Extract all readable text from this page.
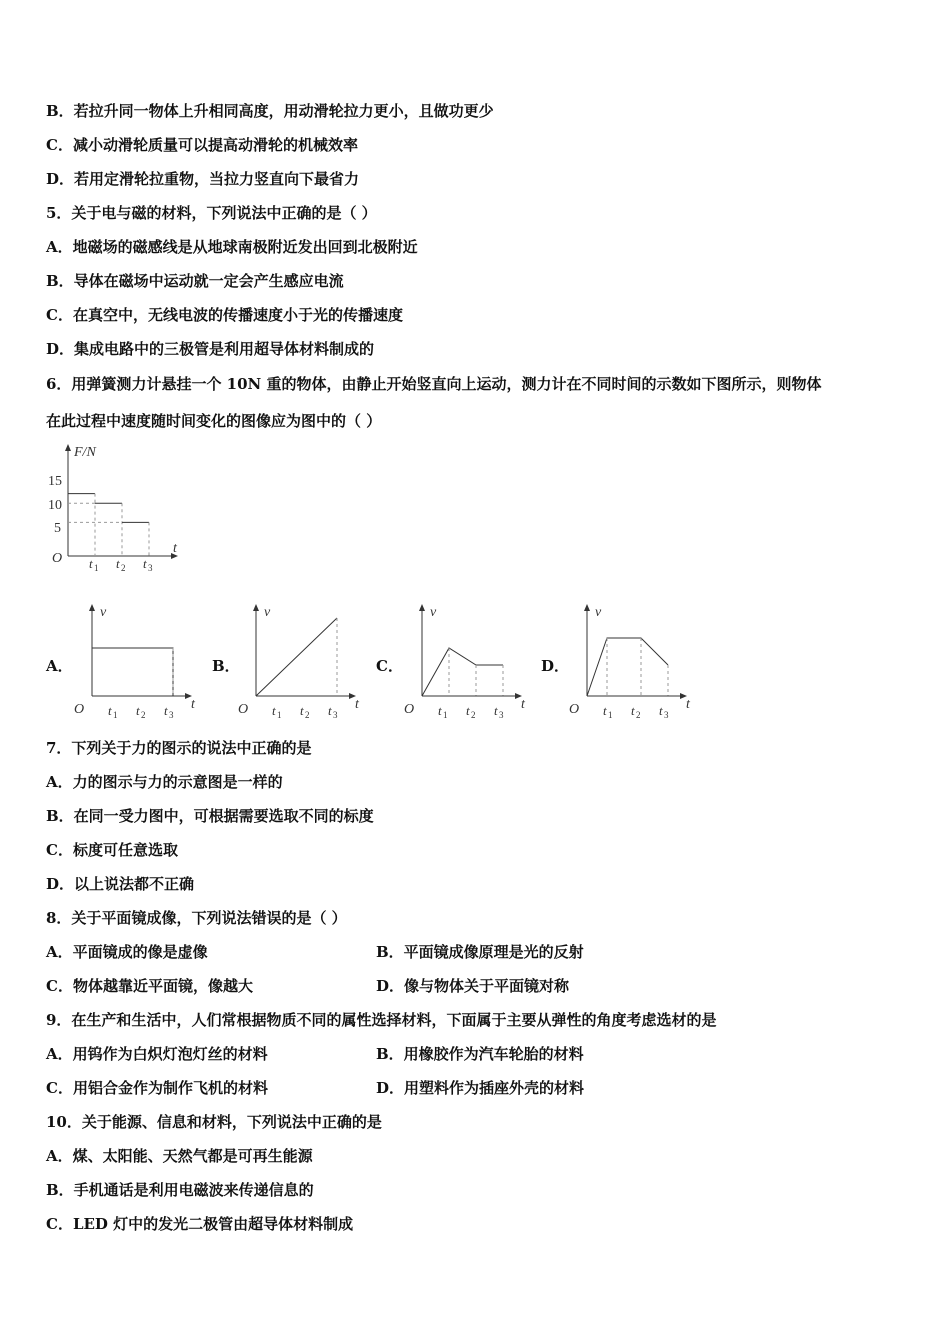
B．若拉升同一物体上升相同高度，用动滑轮拉力更小，且做功更少
C．减小动滑轮质量可以提高动滑轮的机械效率
D．若用定滑轮拉重物，当拉力竖直向下最省力
5．关于电与磁的材料，下列说法中正确的是（ ）
A．地磁场的磁感线是从地球南极附近发出回到北极附近
B．导体在磁场中运动就一定会产生感应电流
C．在真空中，无线电波的传播速度小于光的传播速度
D．集成电路中的三极管是利用超导体材料制成的
6．用弹簧测力计悬挂一个 10N 重的物体，由静止开始竖直向上运动，测力计在不同时间的示数如下图所示，则物体
在此过程中速度随时间变化的图像应为图中的（ ）
F/N
15
10
5
O
t
t 1 t 2 t 3
A．	B．	C．	D．
v
t
O t 1 t 2 t 3
v
t
O t 1 t 2 t 3
v
t
O t 1 t 2 t 3
v
t
O t 1 t 2 t 3
7．下列关于力的图示的说法中正确的是
A．力的图示与力的示意图是一样的
B．在同一受力图中，可根据需要选取不同的标度
C．标度可任意选取
D．以上说法都不正确
8．关于平面镜成像，下列说法错误的是（ ）
A．平面镜成的像是虚像	B．平面镜成像原理是光的反射
C．物体越靠近平面镜，像越大	D．像与物体关于平面镜对称
9．在生产和生活中，人们常根据物质不同的属性选择材料，下面属于主要从弹性的角度考虑选材的是
A．用钨作为白炽灯泡灯丝的材料	B．用橡胶作为汽车轮胎的材料
C．用铝合金作为制作飞机的材料	D．用塑料作为插座外壳的材料
10．关于能源、信息和材料，下列说法中正确的是
A．煤、太阳能、天然气都是可再生能源
B．手机通话是利用电磁波来传递信息的
C．LED 灯中的发光二极管由超导体材料制成
